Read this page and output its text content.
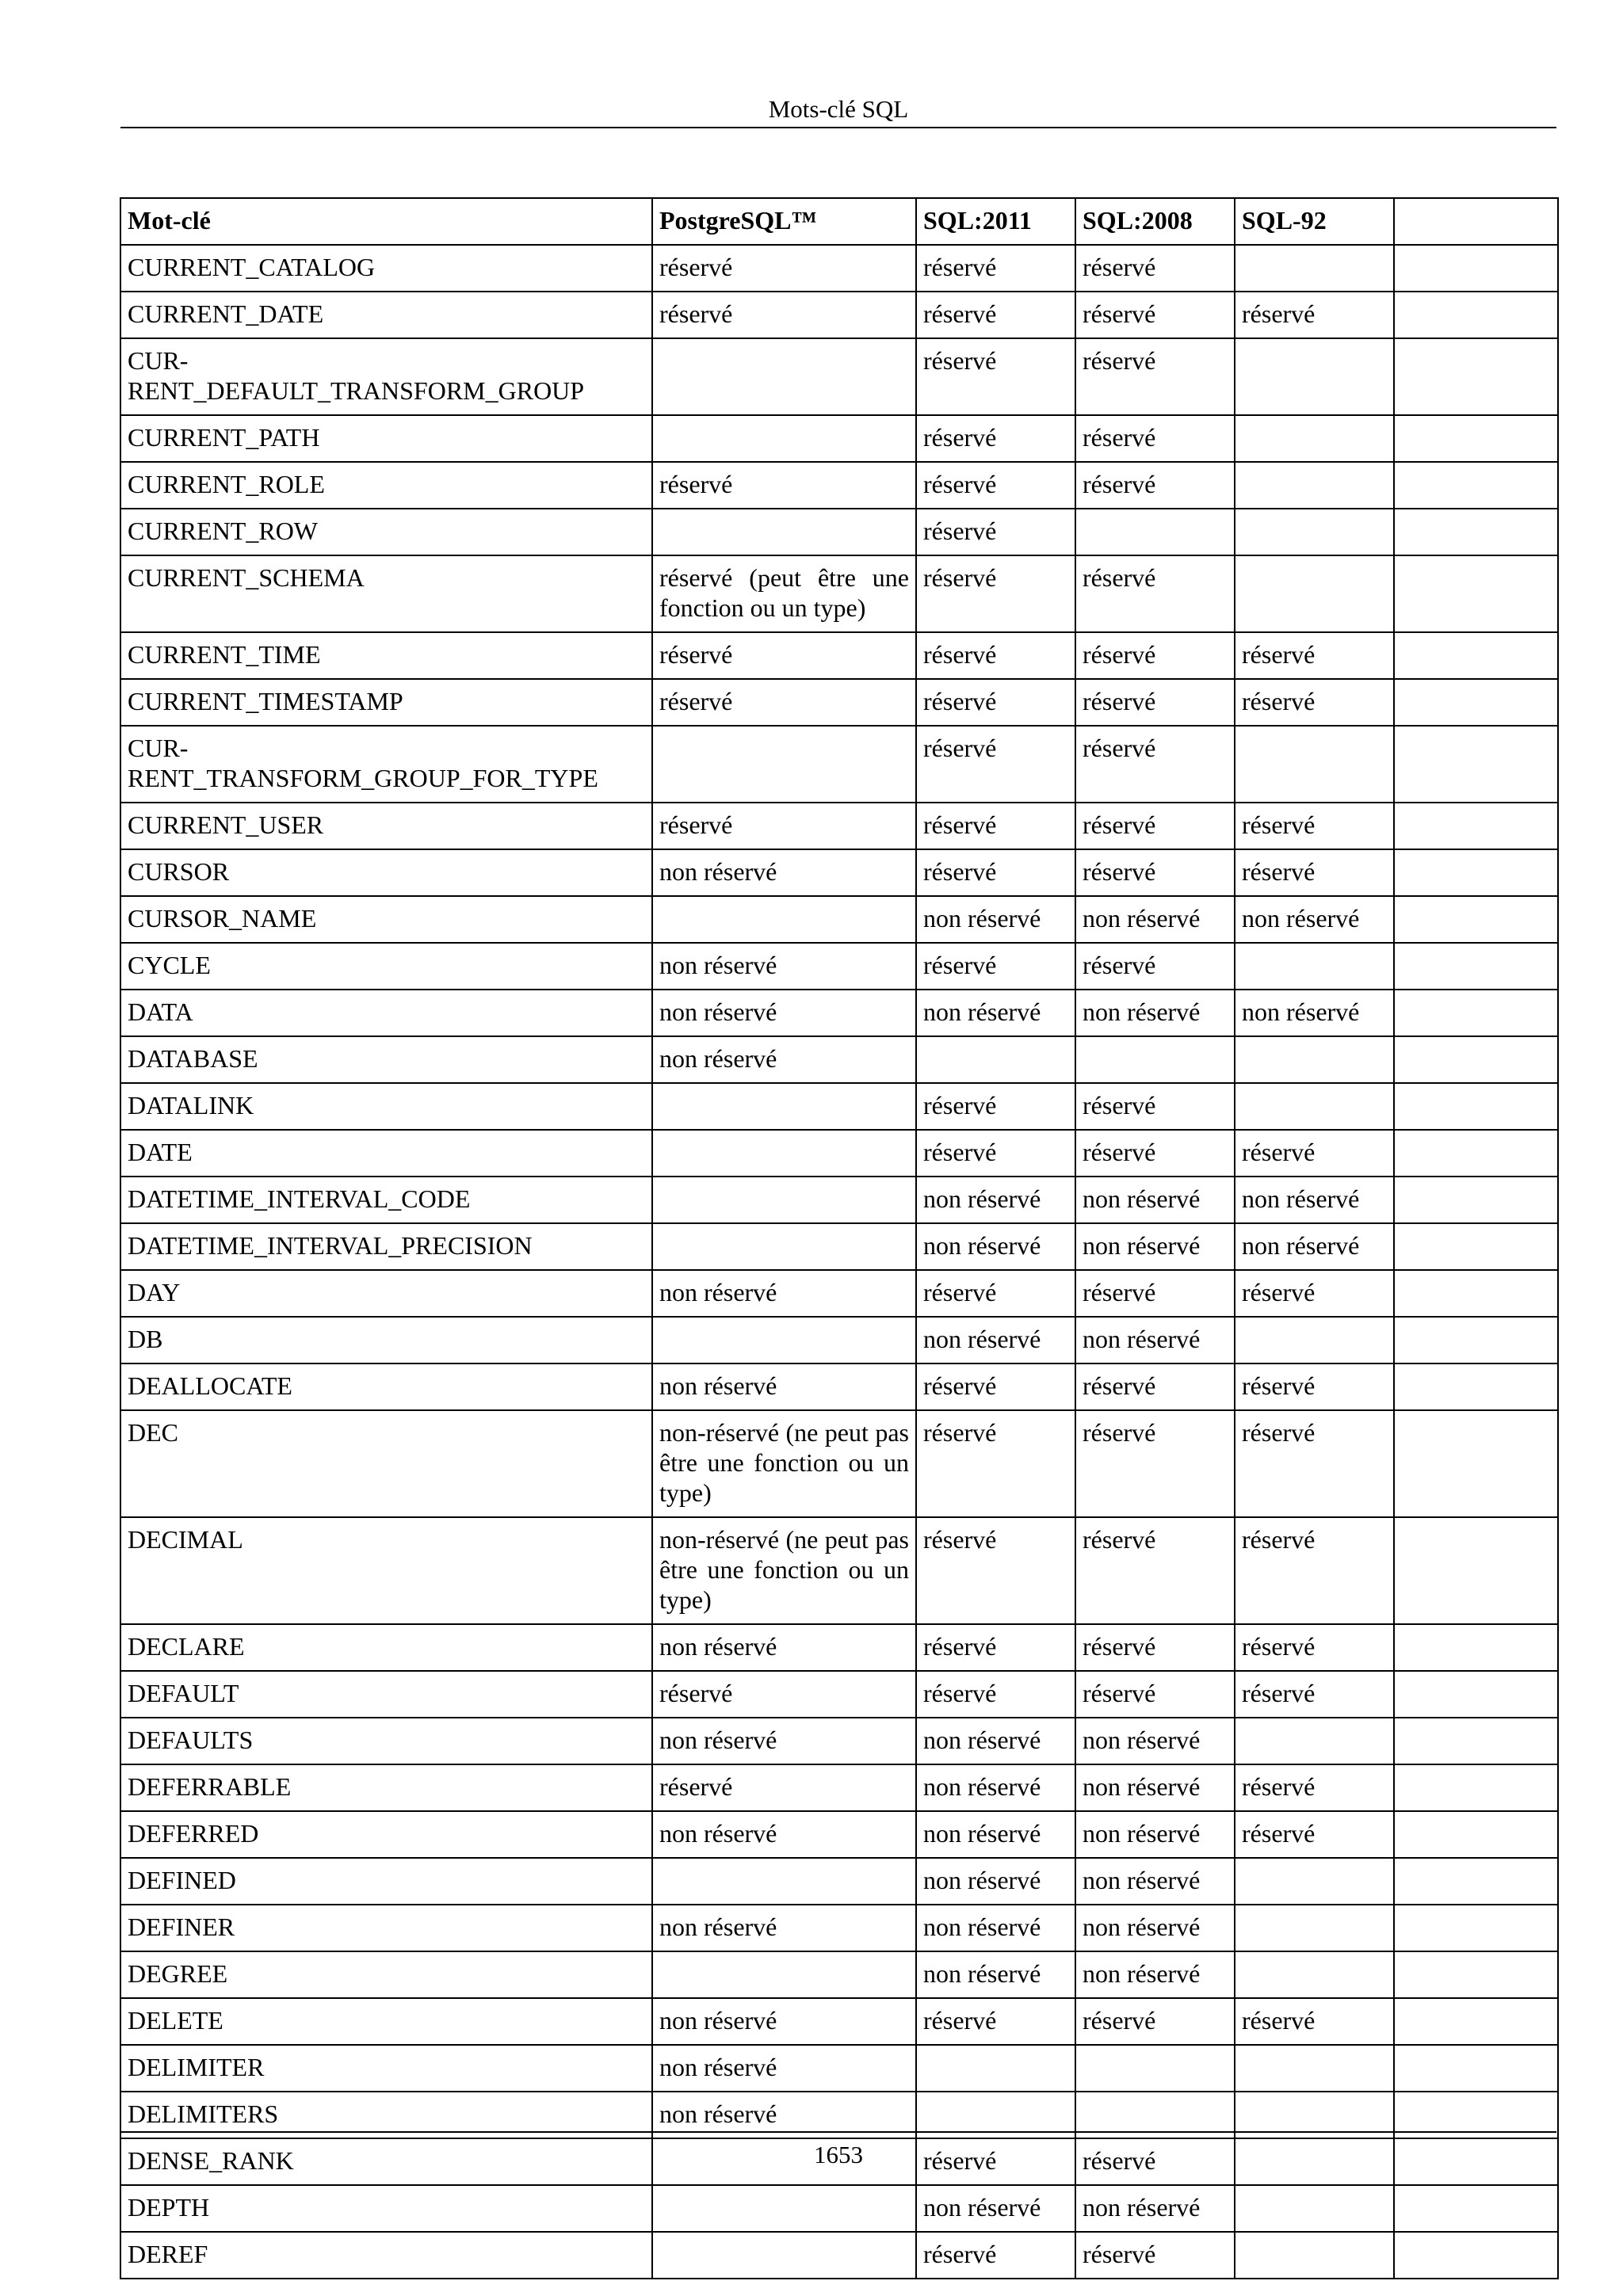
Mots-clé SQL
Mot-clé	PostgreSQL™	SQL:2011	SQL:2008	SQL-92	
CURRENT_CATALOG	réservé	réservé	réservé		
CURRENT_DATE	réservé	réservé	réservé	réservé	
CUR-
RENT_DEFAULT_TRANSFORM_GROUP		réservé	réservé		
CURRENT_PATH		réservé	réservé		
CURRENT_ROLE	réservé	réservé	réservé		
CURRENT_ROW		réservé			
CURRENT_SCHEMA	réservé (peut être une fonction ou un type)	réservé	réservé		
CURRENT_TIME	réservé	réservé	réservé	réservé	
CURRENT_TIMESTAMP	réservé	réservé	réservé	réservé	
CUR-
RENT_TRANSFORM_GROUP_FOR_TYPE		réservé	réservé		
CURRENT_USER	réservé	réservé	réservé	réservé	
CURSOR	non réservé	réservé	réservé	réservé	
CURSOR_NAME		non réservé	non réservé	non réservé	
CYCLE	non réservé	réservé	réservé		
DATA	non réservé	non réservé	non réservé	non réservé	
DATABASE	non réservé				
DATALINK		réservé	réservé		
DATE		réservé	réservé	réservé	
DATETIME_INTERVAL_CODE		non réservé	non réservé	non réservé	
DATETIME_INTERVAL_PRECISION		non réservé	non réservé	non réservé	
DAY	non réservé	réservé	réservé	réservé	
DB		non réservé	non réservé		
DEALLOCATE	non réservé	réservé	réservé	réservé	
DEC	non-réservé (ne peut pas être une fonction ou un type)	réservé	réservé	réservé	
DECIMAL	non-réservé (ne peut pas être une fonction ou un type)	réservé	réservé	réservé	
DECLARE	non réservé	réservé	réservé	réservé	
DEFAULT	réservé	réservé	réservé	réservé	
DEFAULTS	non réservé	non réservé	non réservé		
DEFERRABLE	réservé	non réservé	non réservé	réservé	
DEFERRED	non réservé	non réservé	non réservé	réservé	
DEFINED		non réservé	non réservé		
DEFINER	non réservé	non réservé	non réservé		
DEGREE		non réservé	non réservé		
DELETE	non réservé	réservé	réservé	réservé	
DELIMITER	non réservé				
DELIMITERS	non réservé				
DENSE_RANK		réservé	réservé		
DEPTH		non réservé	non réservé		
DEREF		réservé	réservé		
1653
